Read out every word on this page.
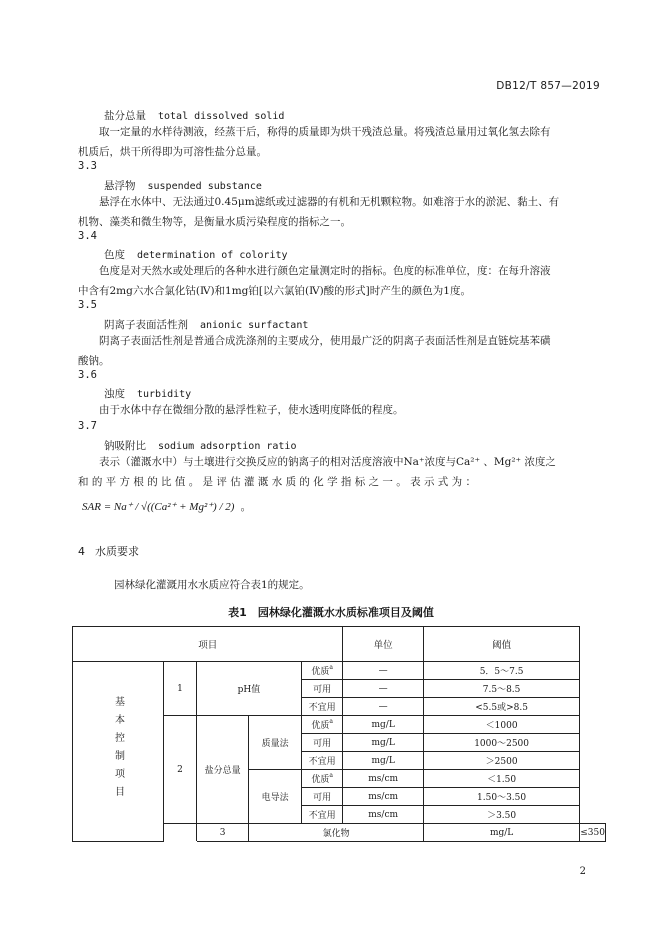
DB12/T 857—2019
盐分总量 total dissolved solid
取一定量的水样待测液，经蒸干后，称得的质量即为烘干残渣总量。将残渣总量用过氧化氢去除有
机质后，烘干所得即为可溶性盐分总量。
3.3
悬浮物 suspended substance
悬浮在水体中、无法通过0.45μm滤纸或过滤器的有机和无机颗粒物。如难溶于水的淤泥、黏土、有
机物、藻类和微生物等，是衡量水质污染程度的指标之一。
3.4
色度 determination of colority
色度是对天然水或处理后的各种水进行颜色定量测定时的指标。色度的标准单位，度：在每升溶液
中含有2mg六水合氯化钴(Ⅳ)和1mg铂[以六氯铂(Ⅳ)酸的形式]时产生的颜色为1度。
3.5
阴离子表面活性剂 anionic surfactant
阴离子表面活性剂是普通合成洗涤剂的主要成分，使用最广泛的阴离子表面活性剂是直链烷基苯磺
酸钠。
3.6
浊度 turbidity
由于水体中存在微细分散的悬浮性粒子，使水透明度降低的程度。
3.7
钠吸附比 sodium adsorption ratio
表示（灌溉水中）与土壤进行交换反应的钠离子的相对活度溶液中Na⁺浓度与Ca²⁺ 、Mg²⁺ 浓度之
和 的 平 方 根 的 比 值 。 是 评 估 灌 溉 水 质 的 化 学 指 标 之 一 。 表 示 式 为 ：
SAR = Na⁺ / √((Ca²⁺ + Mg²⁺) / 2) 。
4 水质要求
园林绿化灌溉用水水质应符合表1的规定。
表1　园林绿化灌溉水水质标准项目及阈值
项目					单位	阈值	
基本控制项目	1	pH值		优质$^a$	—	5．5～7.5	
				可用	—	7.5～8.5	
				不宜用	—	<5.5或>8.5	
	2	盐分总量	质量法	优质$^a$	mg/L	＜1000	
				可用	mg/L	1000～2500	
				不宜用	mg/L	＞2500	
			电导法	优质$^a$	ms/cm	＜1.50	
				可用	ms/cm	1.50～3.50	
				不宜用	ms/cm	＞3.50	
		3	氯化物			mg/L	≤350
2
